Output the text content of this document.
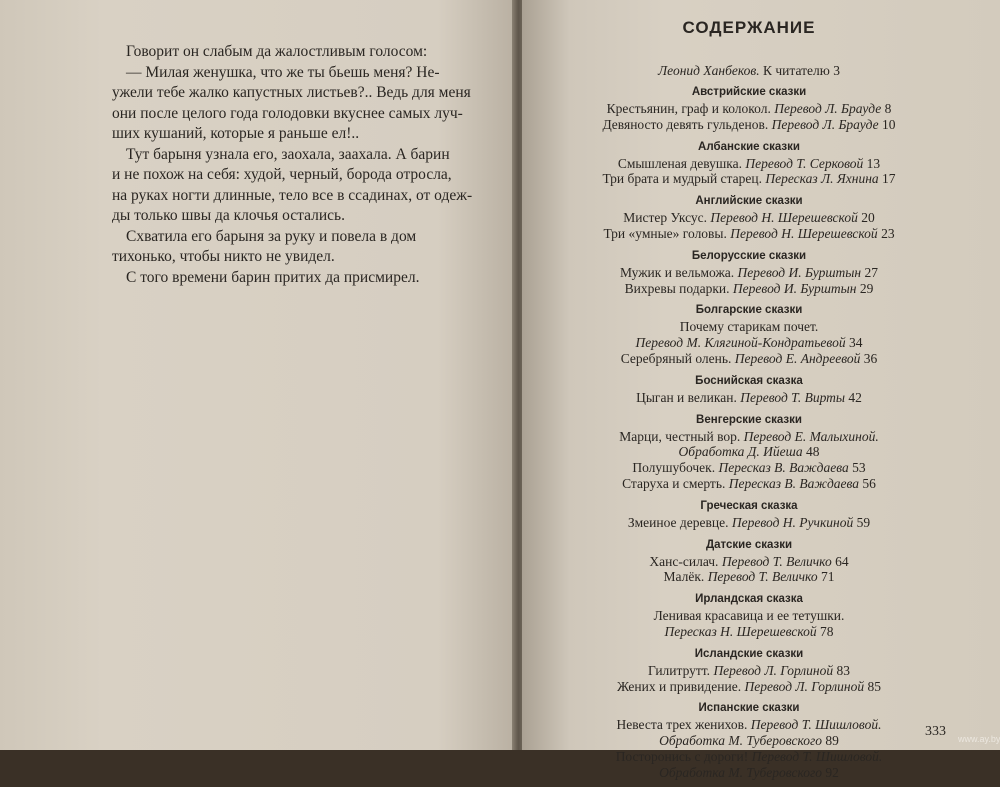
Говорит он слабым да жалостливым голосом:
— Милая женушка, что же ты бьешь меня? Не-
ужели тебе жалко капустных листьев?.. Ведь для меня
они после целого года голодовки вкуснее самых луч-
ших кушаний, которые я раньше ел!..
Тут барыня узнала его, заохала, заахала. А барин
и не похож на себя: худой, черный, борода отросла,
на руках ногти длинные, тело все в ссадинах, от одеж-
ды только швы да клочья остались.
Схватила его барыня за руку и повела в дом
тихонько, чтобы никто не увидел.
С того времени барин притих да присмирел.
СОДЕРЖАНИЕ
Леонид Ханбеков. К читателю 3
Австрийские сказки
Крестьянин, граф и колокол. Перевод Л. Брауде 8
Девяносто девять гульденов. Перевод Л. Брауде 10
Албанские сказки
Смышленая девушка. Перевод Т. Серковой 13
Три брата и мудрый старец. Пересказ Л. Яхнина 17
Английские сказки
Мистер Уксус. Перевод Н. Шерешевской 20
Три «умные» головы. Перевод Н. Шерешевской 23
Белорусские сказки
Мужик и вельможа. Перевод И. Бурштын 27
Вихревы подарки. Перевод И. Бурштын 29
Болгарские сказки
Почему старикам почет.
Перевод М. Клягиной-Кондратьевой 34
Серебряный олень. Перевод Е. Андреевой 36
Боснийская сказка
Цыган и великан. Перевод Т. Вирты 42
Венгерские сказки
Марци, честный вор. Перевод Е. Малыхиной.
Обработка Д. Ийеша 48
Полушубочек. Пересказ В. Важдаева 53
Старуха и смерть. Пересказ В. Важдаева 56
Греческая сказка
Змеиное деревце. Перевод Н. Ручкиной 59
Датские сказки
Ханс-силач. Перевод Т. Величко 64
Малёк. Перевод Т. Величко 71
Ирландская сказка
Ленивая красавица и ее тетушки.
Пересказ Н. Шерешевской 78
Исландские сказки
Гилитрутт. Перевод Л. Горлиной 83
Жених и привидение. Перевод Л. Горлиной 85
Испанские сказки
Невеста трех женихов. Перевод Т. Шишловой.
Обработка М. Туберовского 89
Посторонись с дороги! Перевод Т. Шишловой.
Обработка М. Туберовского 92
333 www.ay.by
